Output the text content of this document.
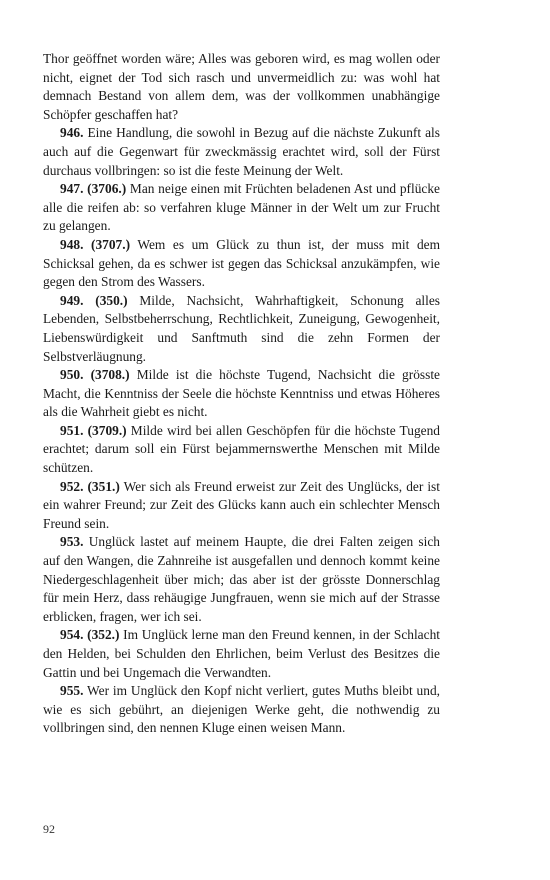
Thor geöffnet worden wäre; Alles was geboren wird, es mag wollen oder nicht, eignet der Tod sich rasch und unvermeidlich zu: was wohl hat demnach Bestand von allem dem, was der vollkommen unabhängige Schöpfer geschaffen hat?

946. Eine Handlung, die sowohl in Bezug auf die nächste Zukunft als auch auf die Gegenwart für zweckmässig erachtet wird, soll der Fürst durchaus vollbringen: so ist die feste Meinung der Welt.

947. (3706.) Man neige einen mit Früchten beladenen Ast und pflücke alle die reifen ab: so verfahren kluge Männer in der Welt um zur Frucht zu gelangen.

948. (3707.) Wem es um Glück zu thun ist, der muss mit dem Schicksal gehen, da es schwer ist gegen das Schicksal anzukämpfen, wie gegen den Strom des Wassers.

949. (350.) Milde, Nachsicht, Wahrhaftigkeit, Schonung alles Lebenden, Selbstbeherrschung, Rechtlichkeit, Zuneigung, Gewogenheit, Liebenswürdigkeit und Sanftmuth sind die zehn Formen der Selbstverläugnung.

950. (3708.) Milde ist die höchste Tugend, Nachsicht die grösste Macht, die Kenntniss der Seele die höchste Kenntniss und etwas Höheres als die Wahrheit giebt es nicht.

951. (3709.) Milde wird bei allen Geschöpfen für die höchste Tugend erachtet; darum soll ein Fürst bejammernswerthe Menschen mit Milde schützen.

952. (351.) Wer sich als Freund erweist zur Zeit des Unglücks, der ist ein wahrer Freund; zur Zeit des Glücks kann auch ein schlechter Mensch Freund sein.

953. Unglück lastet auf meinem Haupte, die drei Falten zeigen sich auf den Wangen, die Zahnreihe ist ausgefallen und dennoch kommt keine Niedergeschlagenheit über mich; das aber ist der grösste Donnerschlag für mein Herz, dass rehäugige Jungfrauen, wenn sie mich auf der Strasse erblicken, fragen, wer ich sei.

954. (352.) Im Unglück lerne man den Freund kennen, in der Schlacht den Helden, bei Schulden den Ehrlichen, beim Verlust des Besitzes die Gattin und bei Ungemach die Verwandten.

955. Wer im Unglück den Kopf nicht verliert, gutes Muths bleibt und, wie es sich gebührt, an diejenigen Werke geht, die nothwendig zu vollbringen sind, den nennen Kluge einen weisen Mann.

92
